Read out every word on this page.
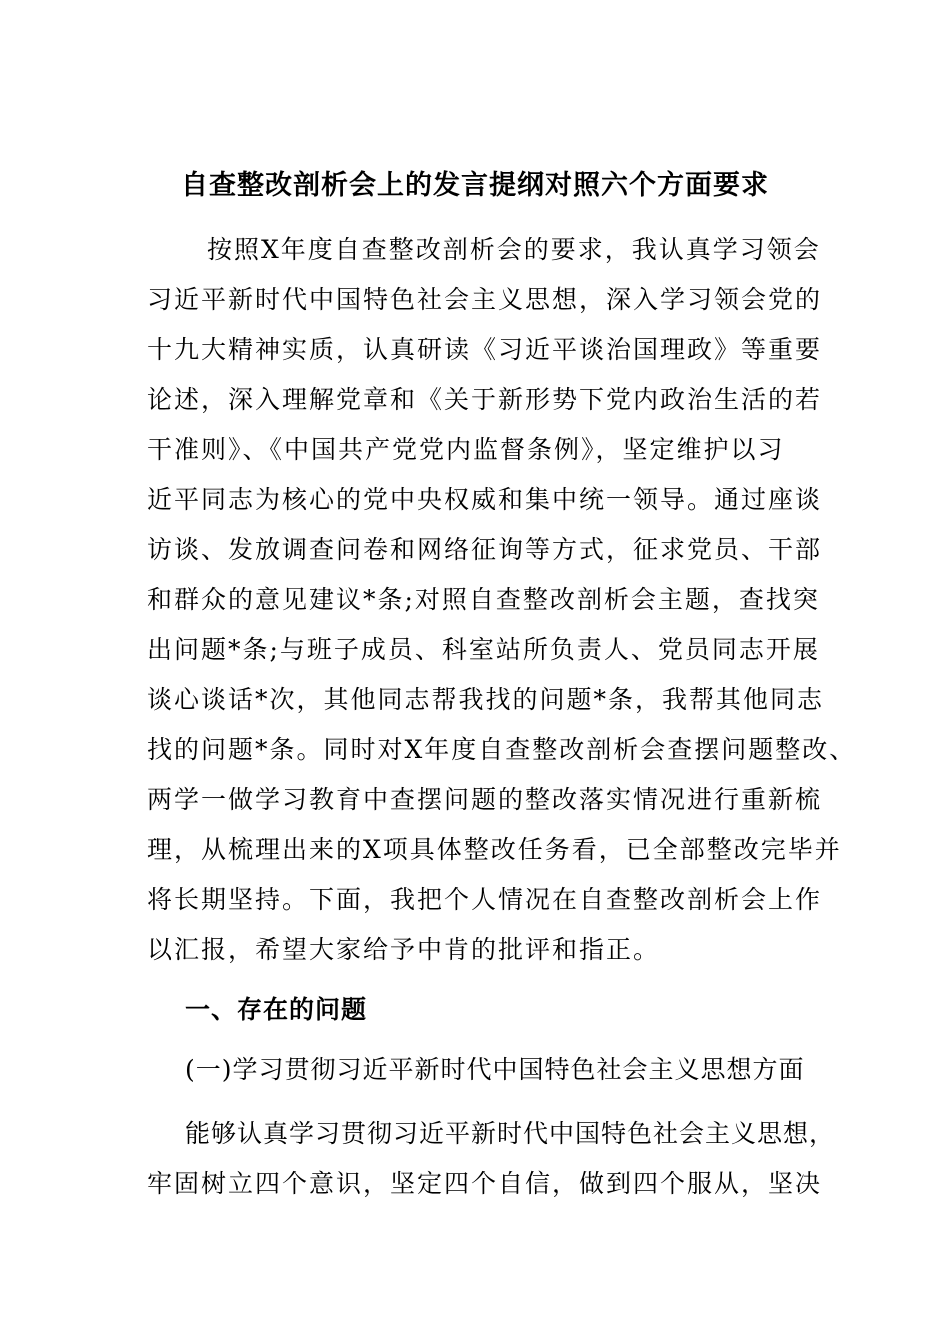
自查整改剖析会上的发言提纲对照六个方面要求
按照X年度自查整改剖析会的要求，我认真学习领会
习近平新时代中国特色社会主义思想，深入学习领会党的
十九大精神实质，认真研读《习近平谈治国理政》等重要
论述，深入理解党章和《关于新形势下党内政治生活的若
干准则》、《中国共产党党内监督条例》，坚定维护以习
近平同志为核心的党中央权威和集中统一领导。通过座谈
访谈、发放调查问卷和网络征询等方式，征求党员、干部
和群众的意见建议*条;对照自查整改剖析会主题，查找突
出问题*条;与班子成员、科室站所负责人、党员同志开展
谈心谈话*次，其他同志帮我找的问题*条，我帮其他同志
找的问题*条。同时对X年度自查整改剖析会查摆问题整改、
两学一做学习教育中查摆问题的整改落实情况进行重新梳
理，从梳理出来的X项具体整改任务看，已全部整改完毕并
将长期坚持。下面，我把个人情况在自查整改剖析会上作
以汇报，希望大家给予中肯的批评和指正。
一、存在的问题
(一)学习贯彻习近平新时代中国特色社会主义思想方面
能够认真学习贯彻习近平新时代中国特色社会主义思想，
牢固树立四个意识，坚定四个自信，做到四个服从，坚决
